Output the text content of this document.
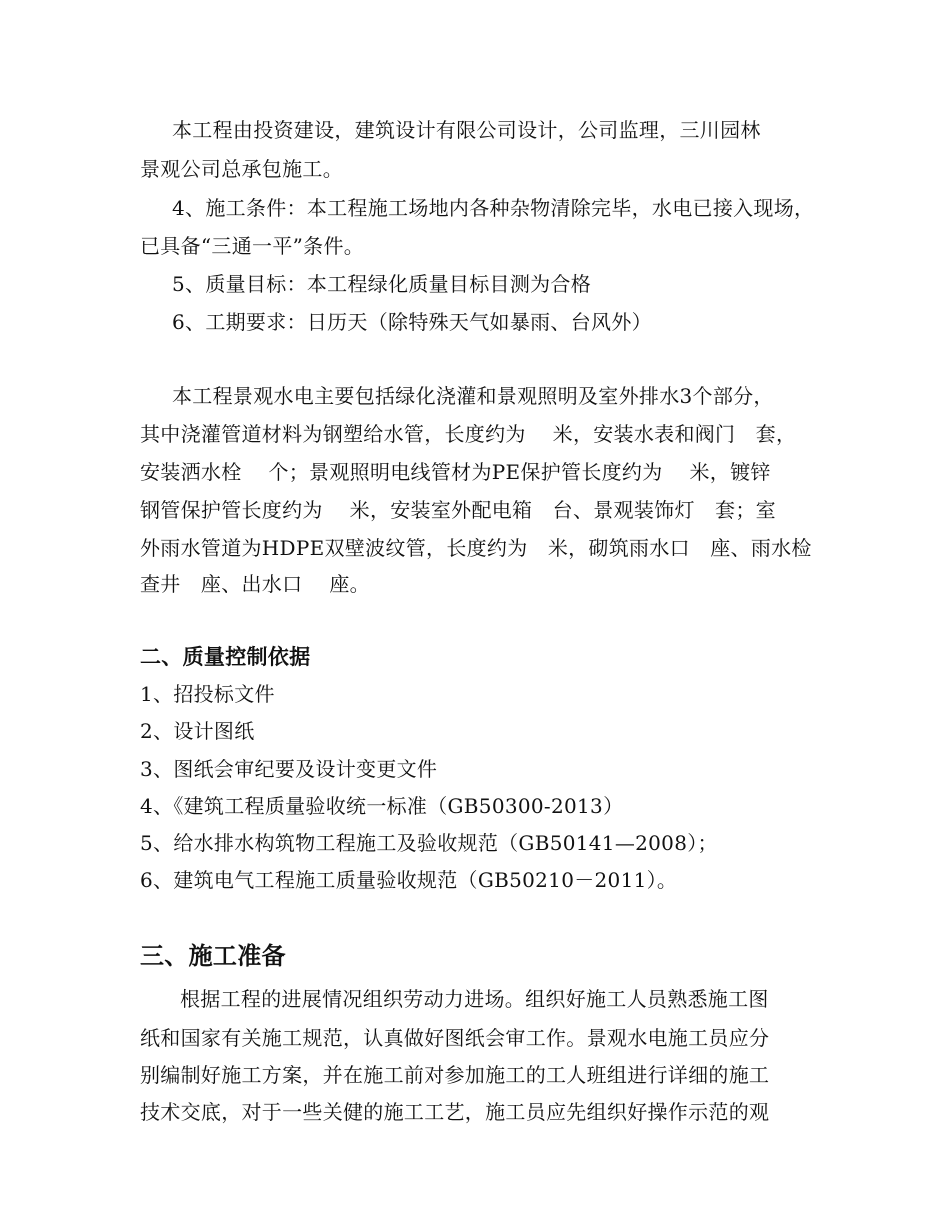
本工程由投资建设，建筑设计有限公司设计，公司监理，三川园林
景观公司总承包施工。
4、施工条件：本工程施工场地内各种杂物清除完毕，水电已接入现场，
已具备“三通一平”条件。
5、质量目标：本工程绿化质量目标目测为合格
6、工期要求：日历天（除特殊天气如暴雨、台风外）
本工程景观水电主要包括绿化浇灌和景观照明及室外排水3个部分，
其中浇灌管道材料为钢塑给水管，长度约为　 米，安装水表和阀门　套，
安装洒水栓　 个；景观照明电线管材为PE保护管长度约为　 米，镀锌
钢管保护管长度约为　 米，安装室外配电箱　台、景观装饰灯　套；室
外雨水管道为HDPE双壁波纹管，长度约为　米，砌筑雨水口　座、雨水检
查井　座、出水口　 座。
二、质量控制依据
1、招投标文件
2、设计图纸
3、图纸会审纪要及设计变更文件
4、《建筑工程质量验收统一标准（GB50300-2013）
5、给水排水构筑物工程施工及验收规范（GB50141—2008）；
6、建筑电气工程施工质量验收规范（GB50210－2011）。
三、施工准备
根据工程的进展情况组织劳动力进场。组织好施工人员熟悉施工图
纸和国家有关施工规范，认真做好图纸会审工作。景观水电施工员应分
别编制好施工方案，并在施工前对参加施工的工人班组进行详细的施工
技术交底，对于一些关健的施工工艺，施工员应先组织好操作示范的观
